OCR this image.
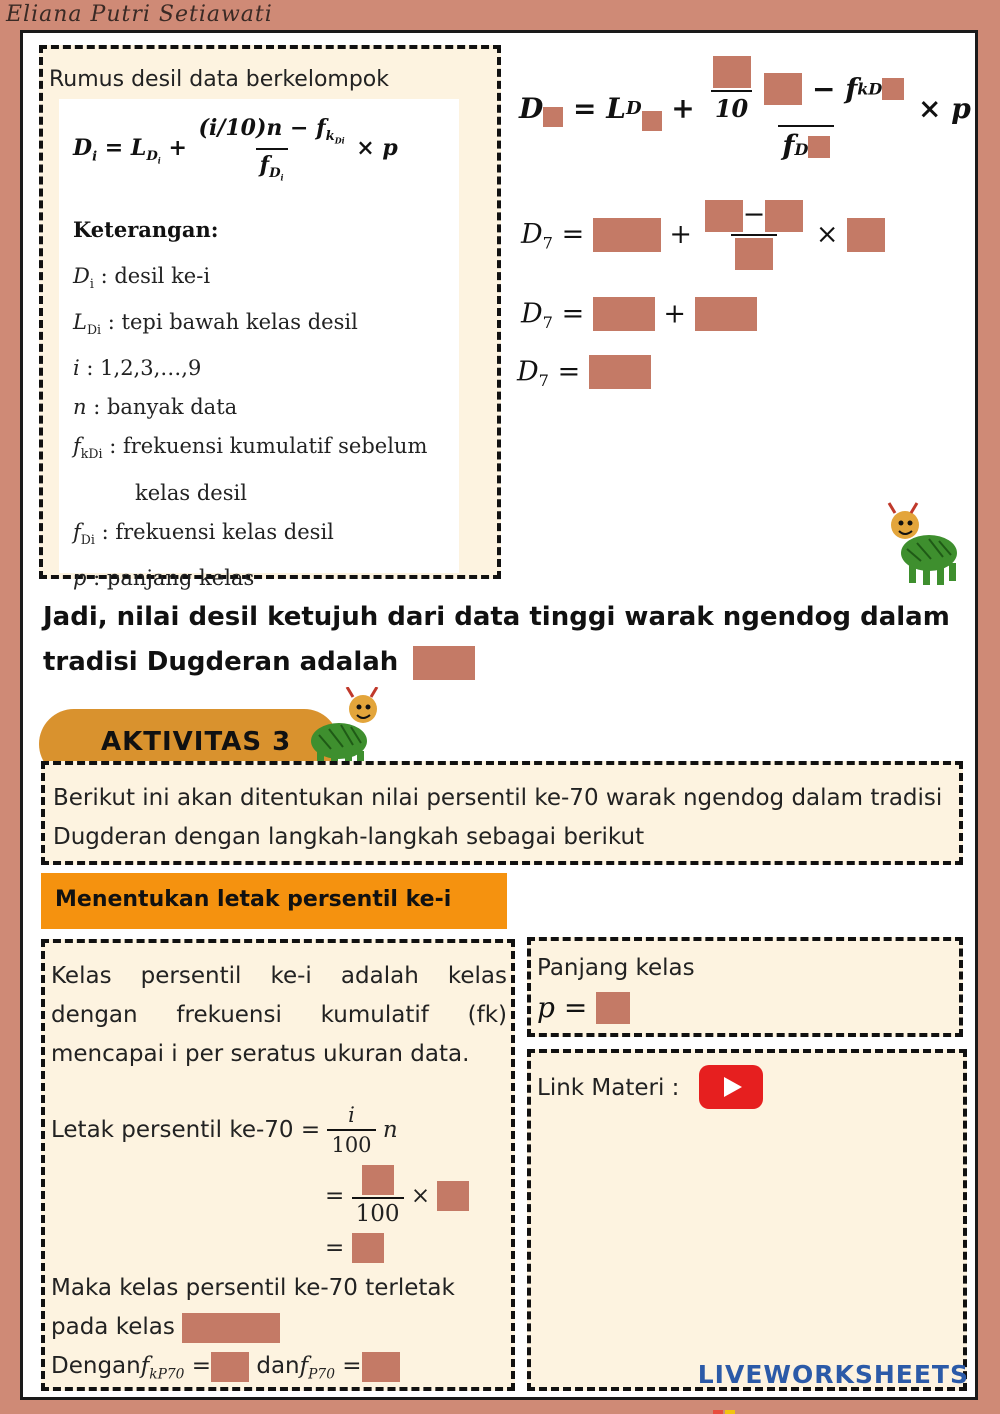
Eliana Putri Setiawati
Rumus desil data berkelompok
$D_i = L_{D_i} + \frac{(i/10)n - f_{k_{Di}}}{f_{D_i}} \times p$
Keterangan:
$D_i$ : desil ke-i
$L_{Di}$ : tepi bawah kelas desil
i : 1,2,3,…,9
n : banyak data
$f_{kDi}$ : frekuensi kumulatif sebelum
kelas desil
$f_{Di}$ : frekuensi kelas desil
p : panjang kelas
D = LD + 10
− fkD
fD × p
$D_7$ =	+
−
×
$D_7$ =	+
$D_7$ =
Jadi, nilai desil ketujuh dari data tinggi warak ngendog dalam tradisi Dugderan adalah
AKTIVITAS 3
Berikut ini akan ditentukan nilai persentil ke-70 warak ngendog dalam tradisi Dugderan dengan langkah-langkah sebagai berikut
Menentukan letak persentil ke-i
Kelas persentil ke-i adalah kelas dengan frekuensi kumulatif (fk) mencapai i per seratus ukuran data.
Letak persentil $ke-70 = \frac{i}{100}$ n
=
100
×
=
Maka kelas persentil ke-70 terletak
pada kelas
Denganf$_{kP70}$ = danf$_{P70}$ =
Panjang kelas
p =
Link Materi :
LIVEWORKSHEETS
